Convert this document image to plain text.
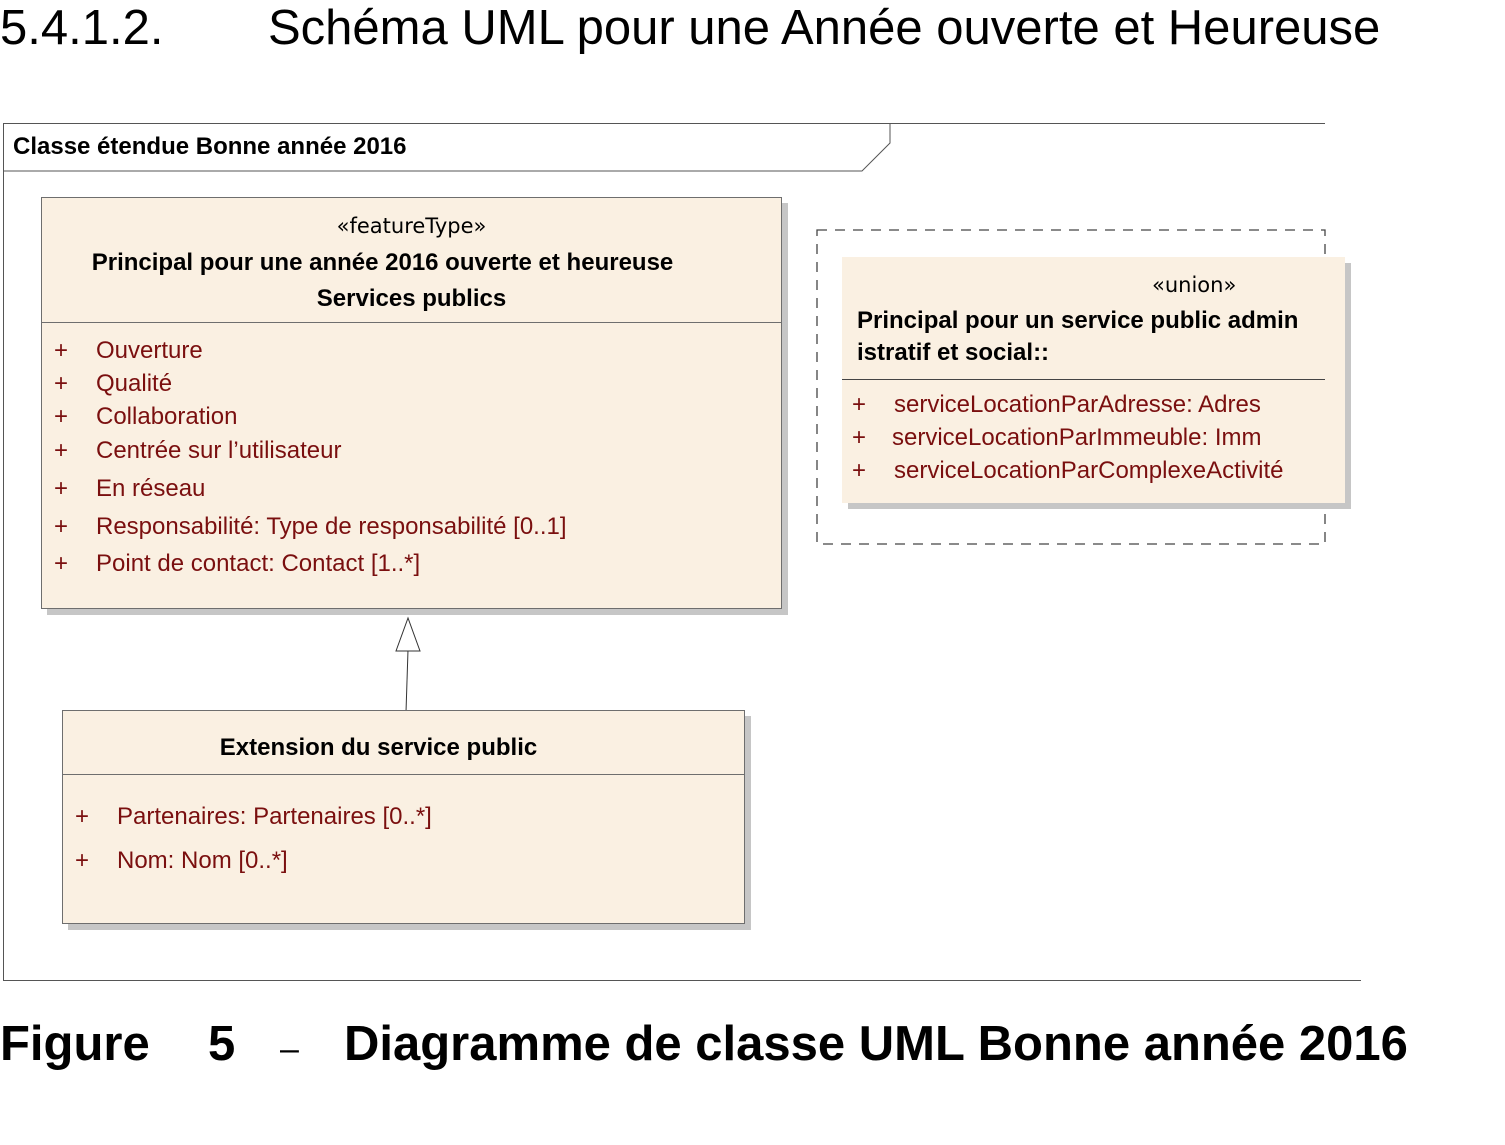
5.4.1.2. Schéma UML pour une Année ouverte et Heureuse
Classe étendue Bonne année 2016
«featureType»
Principal pour une année 2016 ouverte et heureuse
Services publics
+ Ouverture
+ Qualité
+ Collaboration
+ Centrée sur l’utilisateur
+ En réseau
+ Responsabilité: Type de responsabilité [0..1]
+ Point de contact: Contact [1..*]
«union»
Principal pour un service public admin
istratif et social::
+ serviceLocationParAdresse: Adres
+ serviceLocationParImmeuble: Imm
+ serviceLocationParComplexeActivité
Extension du service public
+ Partenaires: Partenaires [0..*]
+ Nom: Nom [0..*]
Figure 5 – Diagramme de classe UML Bonne année 2016
